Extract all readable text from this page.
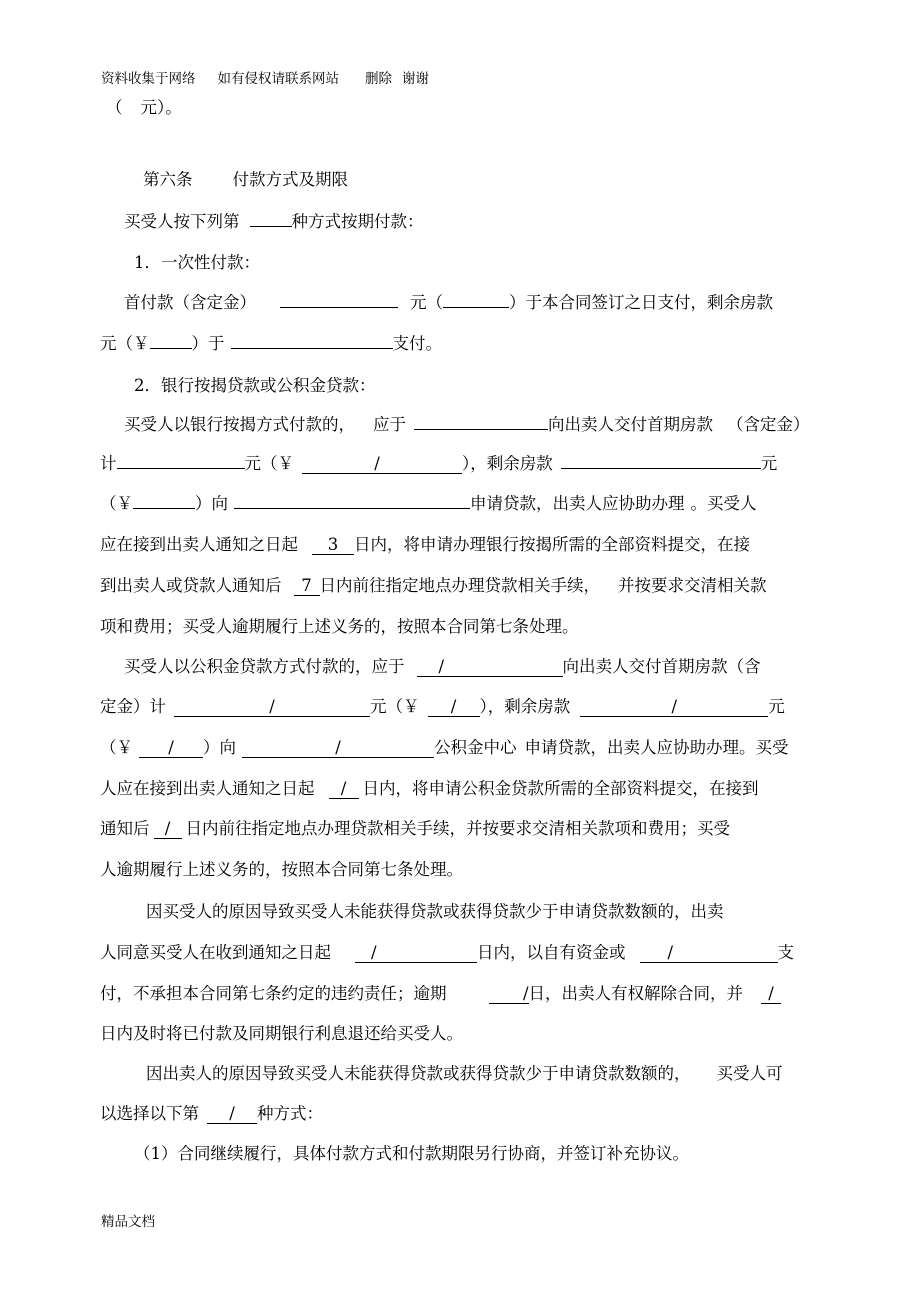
资料收集于网络 如有侵权请联系网站 删除 谢谢
（ 元）。
第六条 付款方式及期限
买受人按下列第	种方式按期付款：
1．一次性付款：
首付款（含定金）	元（	）于本合同签订之日支付，剩余房款
元（￥	）于	支付。
2．银行按揭贷款或公积金贷款：
买受人以银行按揭方式付款的， 应于	向出卖人交付首期房款 （含定金）
计	元（￥	/	），剩余房款	元
（￥	）向	申请贷款，出卖人应协助办理 。买受人
应在接到出卖人通知之日起 3 日内，将申请办理银行按揭所需的全部资料提交，在接
到出卖人或贷款人通知后 7 日内前往指定地点办理贷款相关手续， 并按要求交清相关款
项和费用；买受人逾期履行上述义务的，按照本合同第七条处理。
买受人以公积金贷款方式付款的，应于 /	向出卖人交付首期房款（含
定金）计	/	元（￥ / ），剩余房款	/	元
（￥ / ）向	/	公积金中心 申请贷款，出卖人应协助办理。买受
人应在接到出卖人通知之日起 / 日内，将申请公积金贷款所需的全部资料提交，在接到
通知后 / 日内前往指定地点办理贷款相关手续，并按要求交清相关款项和费用；买受
人逾期履行上述义务的，按照本合同第七条处理。
因买受人的原因导致买受人未能获得贷款或获得贷款少于申请贷款数额的，出卖
人同意买受人在收到通知之日起 /	日内，以自有资金或	/	支
付，不承担本合同第七条约定的违约责任；逾期	/日，出卖人有权解除合同，并 /
日内及时将已付款及同期银行利息退还给买受人。
因出卖人的原因导致买受人未能获得贷款或获得贷款少于申请贷款数额的， 买受人可
以选择以下第 / 种方式：
（1）合同继续履行，具体付款方式和付款期限另行协商，并签订补充协议。
精品文档
